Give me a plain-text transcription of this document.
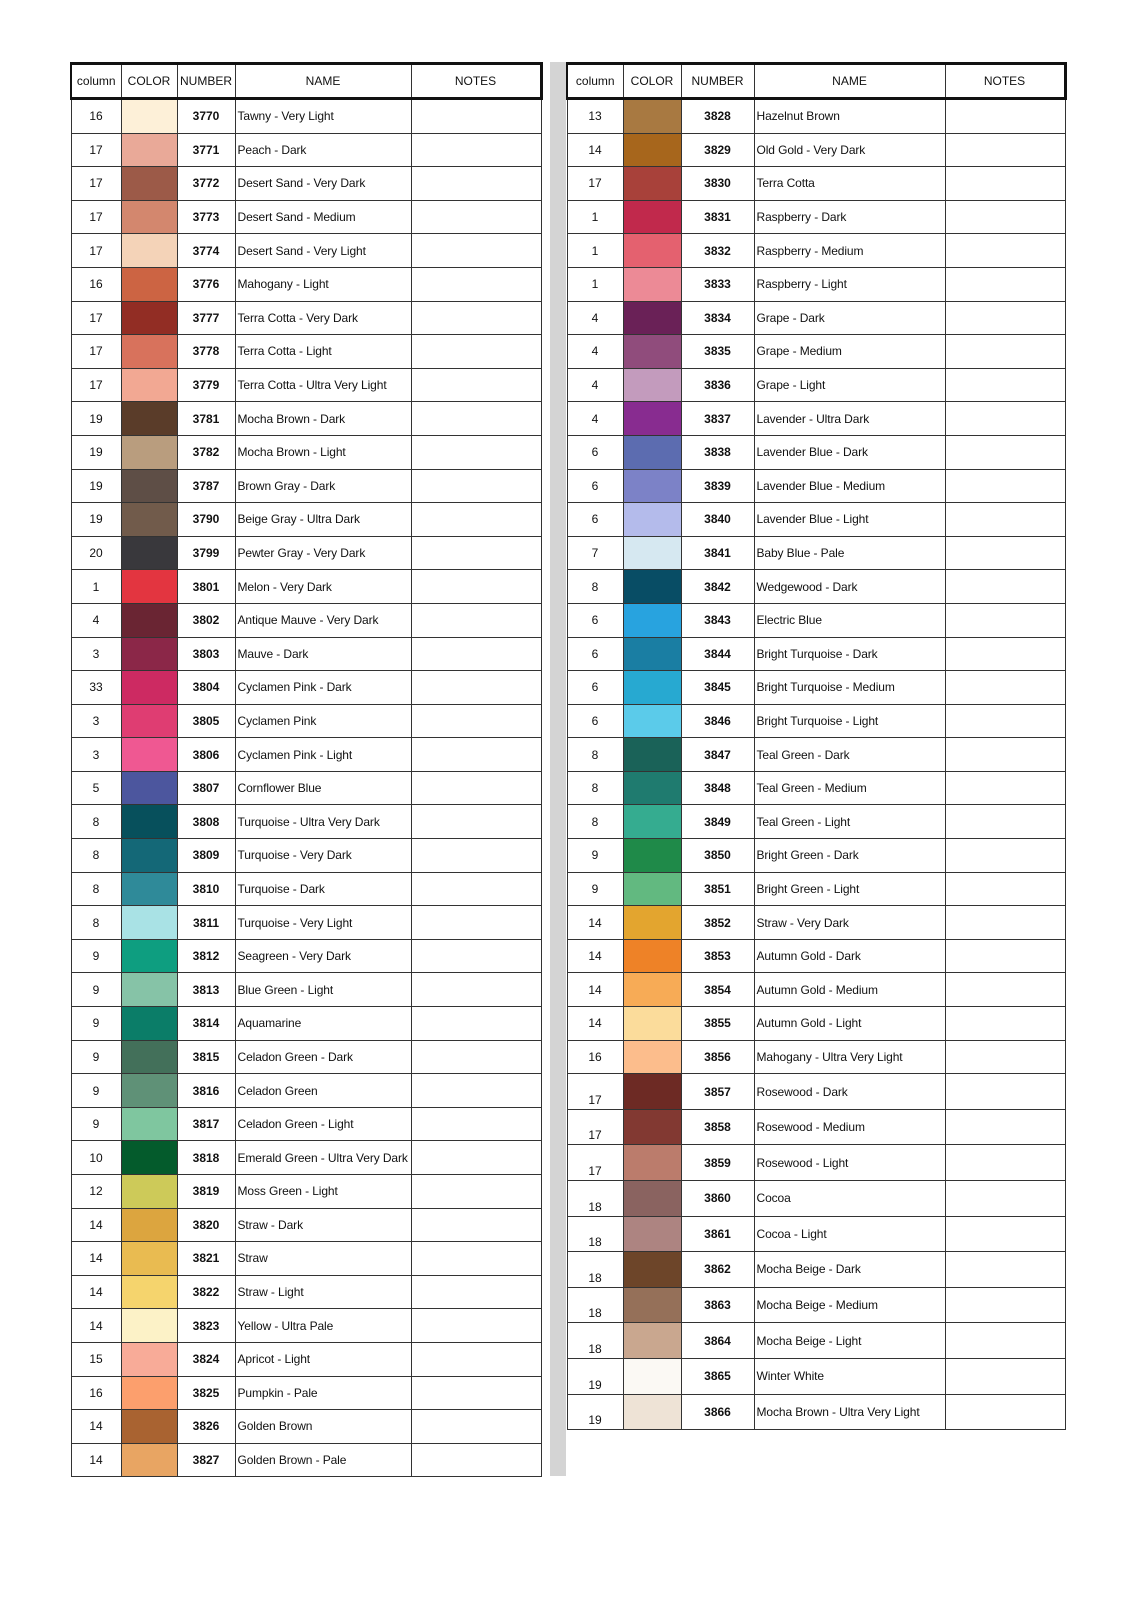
column	COLOR	NUMBER	NAME	NOTES
16		3770	Tawny - Very Light	
17		3771	Peach - Dark	
17		3772	Desert Sand - Very Dark	
17		3773	Desert Sand - Medium	
17		3774	Desert Sand - Very Light	
16		3776	Mahogany - Light	
17		3777	Terra Cotta - Very Dark	
17		3778	Terra Cotta - Light	
17		3779	Terra Cotta - Ultra Very Light	
19		3781	Mocha Brown - Dark	
19		3782	Mocha Brown - Light	
19		3787	Brown Gray - Dark	
19		3790	Beige Gray - Ultra Dark	
20		3799	Pewter Gray - Very Dark	
1		3801	Melon - Very Dark	
4		3802	Antique Mauve - Very Dark	
3		3803	Mauve - Dark	
33		3804	Cyclamen Pink - Dark	
3		3805	Cyclamen Pink	
3		3806	Cyclamen Pink - Light	
5		3807	Cornflower Blue	
8		3808	Turquoise - Ultra Very Dark	
8		3809	Turquoise - Very Dark	
8		3810	Turquoise - Dark	
8		3811	Turquoise - Very Light	
9		3812	Seagreen - Very Dark	
9		3813	Blue Green - Light	
9		3814	Aquamarine	
9		3815	Celadon Green - Dark	
9		3816	Celadon Green	
9		3817	Celadon Green - Light	
10		3818	Emerald Green - Ultra Very Dark	
12		3819	Moss Green - Light	
14		3820	Straw - Dark	
14		3821	Straw	
14		3822	Straw - Light	
14		3823	Yellow - Ultra Pale	
15		3824	Apricot - Light	
16		3825	Pumpkin - Pale	
14		3826	Golden Brown	
14		3827	Golden Brown - Pale	
column	COLOR	NUMBER	NAME	NOTES
13		3828	Hazelnut Brown	
14		3829	Old Gold - Very Dark	
17		3830	Terra Cotta	
1		3831	Raspberry - Dark	
1		3832	Raspberry - Medium	
1		3833	Raspberry - Light	
4		3834	Grape - Dark	
4		3835	Grape - Medium	
4		3836	Grape - Light	
4		3837	Lavender - Ultra Dark	
6		3838	Lavender Blue - Dark	
6		3839	Lavender Blue - Medium	
6		3840	Lavender Blue - Light	
7		3841	Baby Blue - Pale	
8		3842	Wedgewood - Dark	
6		3843	Electric Blue	
6		3844	Bright Turquoise - Dark	
6		3845	Bright Turquoise - Medium	
6		3846	Bright Turquoise - Light	
8		3847	Teal Green - Dark	
8		3848	Teal Green - Medium	
8		3849	Teal Green - Light	
9		3850	Bright Green - Dark	
9		3851	Bright Green - Light	
14		3852	Straw - Very Dark	
14		3853	Autumn Gold - Dark	
14		3854	Autumn Gold - Medium	
14		3855	Autumn Gold - Light	
16		3856	Mahogany - Ultra Very Light	
17		3857	Rosewood - Dark	
17		3858	Rosewood - Medium	
17		3859	Rosewood - Light	
18		3860	Cocoa	
18		3861	Cocoa - Light	
18		3862	Mocha Beige - Dark	
18		3863	Mocha Beige - Medium	
18		3864	Mocha Beige - Light	
19		3865	Winter White	
19		3866	Mocha Brown - Ultra Very Light	
